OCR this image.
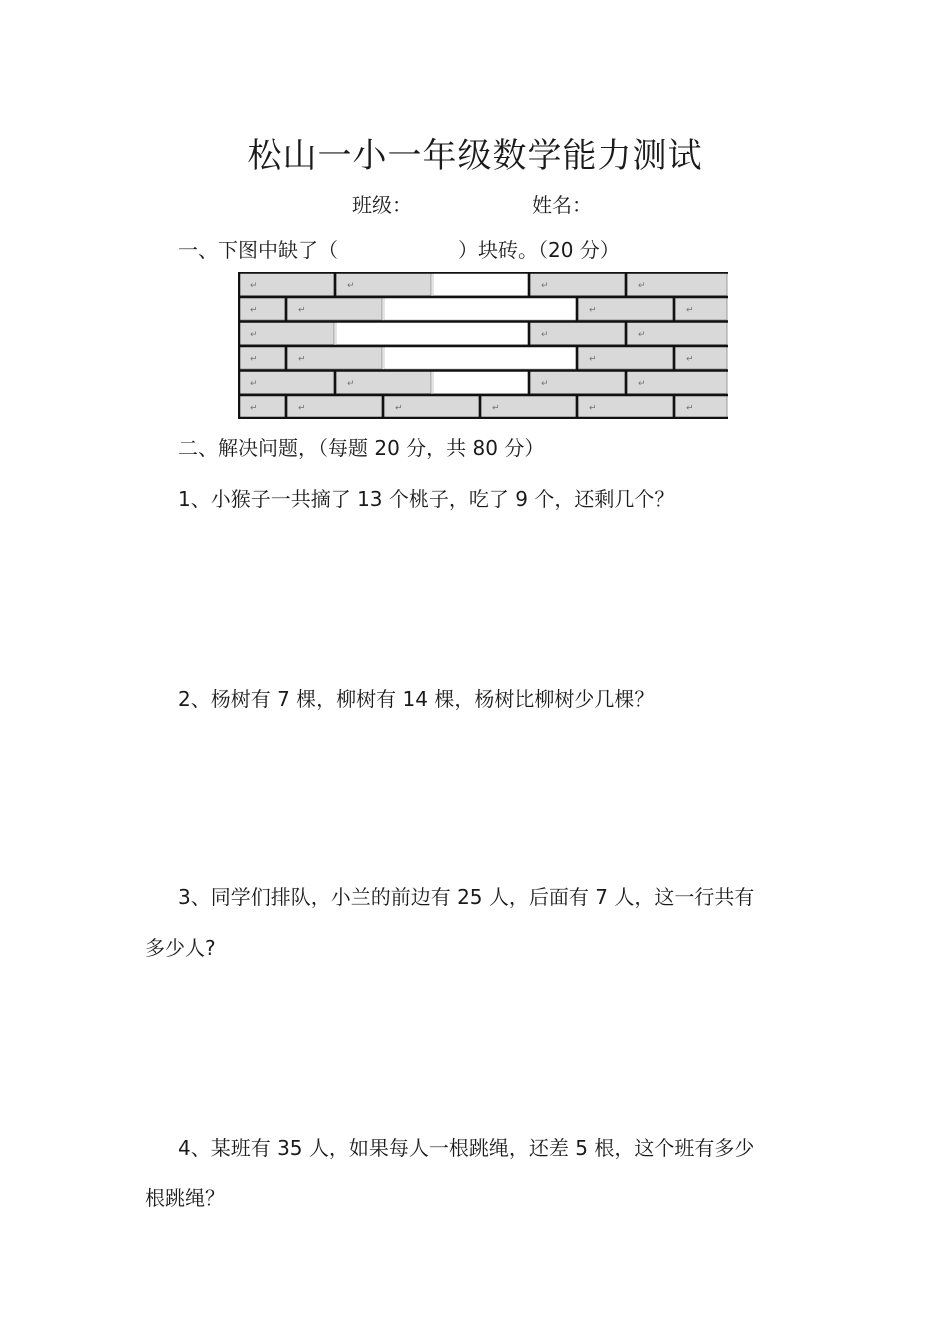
松山一小一年级数学能力测试
班级：	姓名：
一、下图中缺了（	）块砖。（20 分）
↵	↵	↵	↵
↵	↵	↵	↵
↵	↵	↵
↵	↵	↵	↵
↵	↵	↵	↵
↵	↵	↵	↵	↵	↵
二、解决问题，（每题 20 分，共 80 分）
1、小猴子一共摘了 13 个桃子，吃了 9 个，还剩几个？
2、杨树有 7 棵，柳树有 14 棵，杨树比柳树少几棵？
3、同学们排队，小兰的前边有 25 人，后面有 7 人，这一行共有
多少人?
4、某班有 35 人，如果每人一根跳绳，还差 5 根，这个班有多少
根跳绳？
